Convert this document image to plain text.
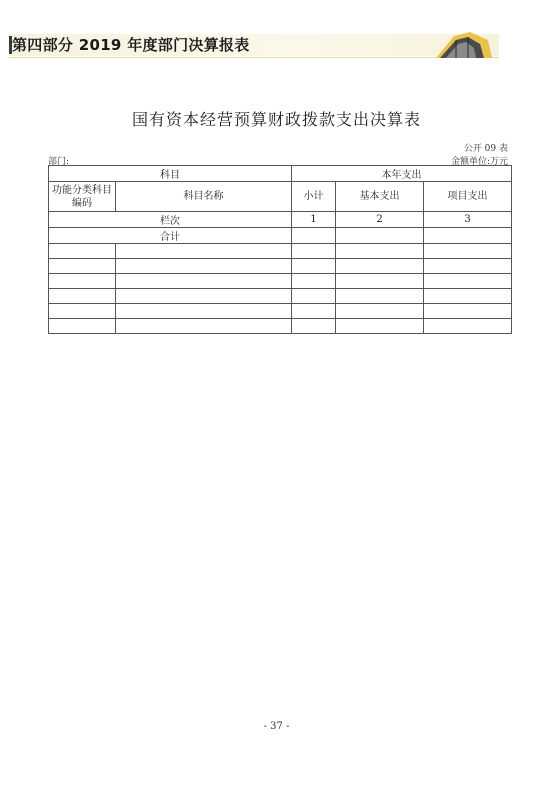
第四部分 2019 年度部门决算报表
国有资本经营预算财政拨款支出决算表
公开 09 表
部门:	金额单位:万元
科目		本年支出		
功能分类科目编码	科目名称	小计	基本支出	项目支出
栏次		1	2	3
合计				

- 37 -
